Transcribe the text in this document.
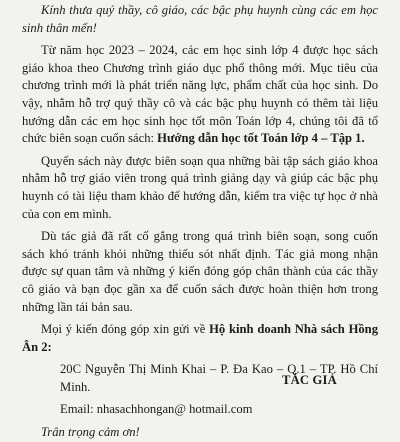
Kính thưa quý thầy, cô giáo, các bậc phụ huynh cùng các em học sinh thân mến!

Từ năm học 2023 – 2024, các em học sinh lớp 4 được học sách giáo khoa theo Chương trình giáo dục phổ thông mới. Mục tiêu của chương trình mới là phát triển năng lực, phẩm chất của học sinh. Do vậy, nhằm hỗ trợ quý thầy cô và các bậc phụ huynh có thêm tài liệu hướng dẫn các em học sinh học tốt môn Toán lớp 4, chúng tôi đã tổ chức biên soạn cuốn sách: Hướng dẫn học tốt Toán lớp 4 – Tập 1.

Quyển sách này được biên soạn qua những bài tập sách giáo khoa nhằm hỗ trợ giáo viên trong quá trình giảng dạy và giúp các bậc phụ huynh có tài liệu tham khảo để hướng dẫn, kiểm tra việc tự học ở nhà của con em mình.

Dù tác giả đã rất cố gắng trong quá trình biên soạn, song cuốn sách khó tránh khỏi những thiếu sót nhất định. Tác giả mong nhận được sự quan tâm và những ý kiến đóng góp chân thành của các thầy cô giáo và bạn đọc gần xa để cuốn sách được hoàn thiện hơn trong những lần tái bản sau.

Mọi ý kiến đóng góp xin gửi về Hộ kinh doanh Nhà sách Hồng Ân 2:

20C Nguyễn Thị Minh Khai – P. Đa Kao – Q.1 – TP. Hồ Chí Minh.

Email: nhasachhongan@ hotmail.com

Trân trọng cảm ơn!

TÁC GIẢ
